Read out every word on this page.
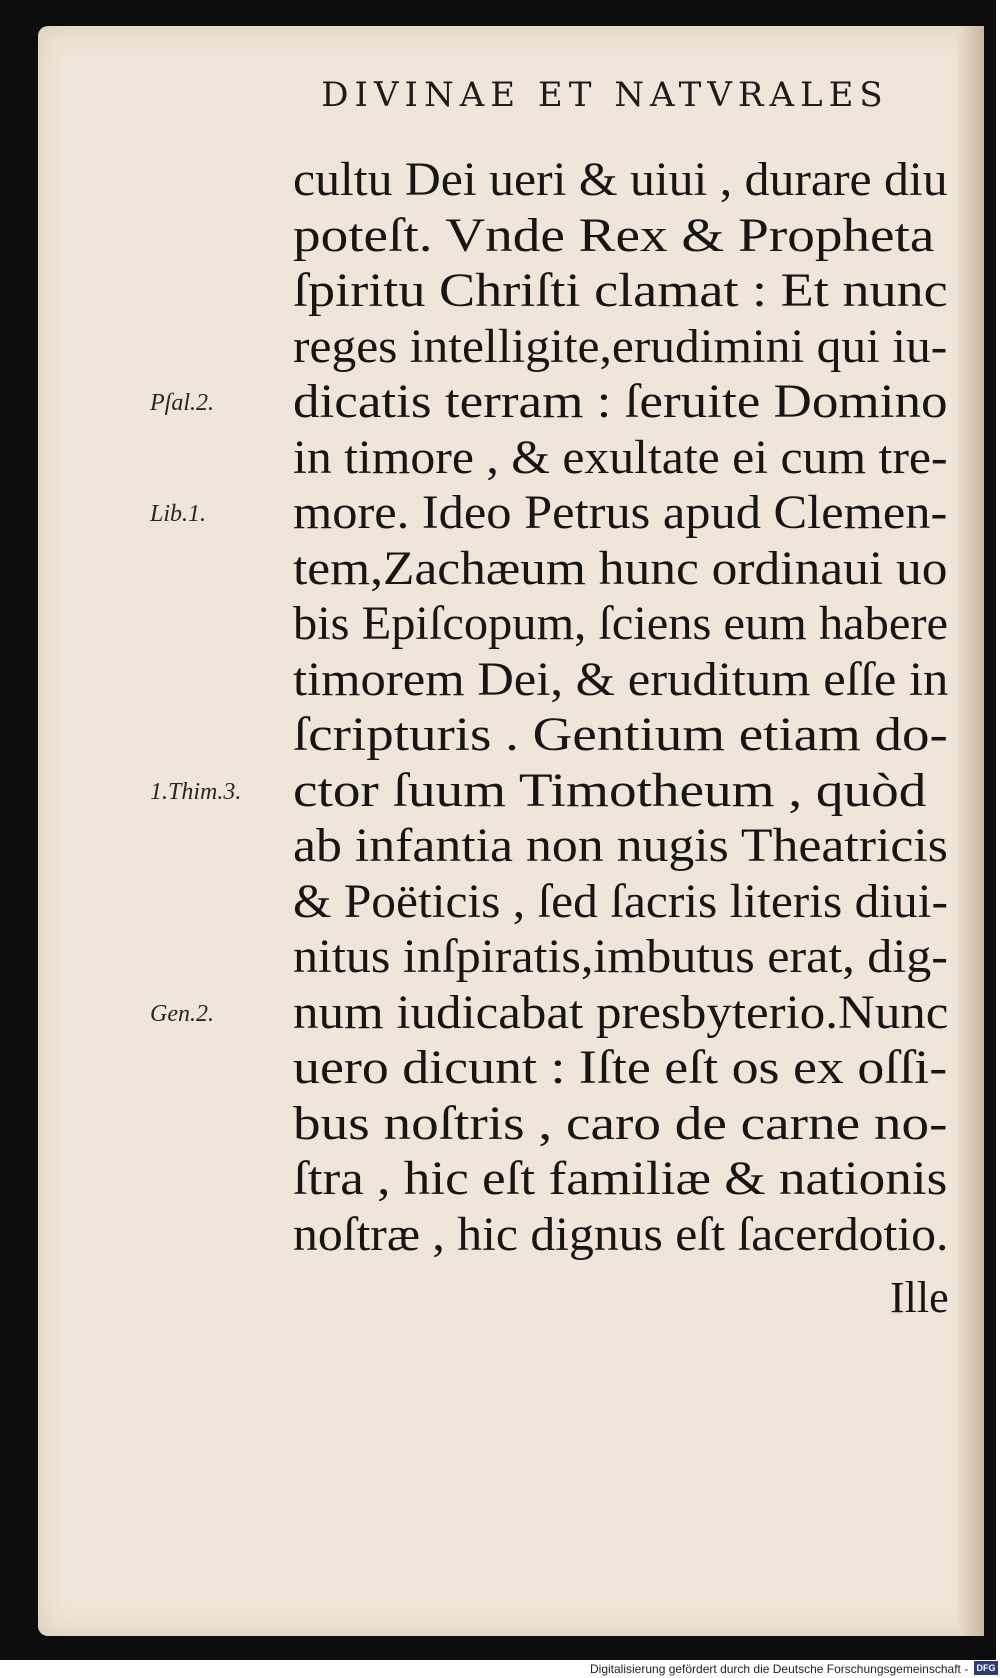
DIVINAE ET NATVRALES
cultu Dei ueri & uiui , durare diu
poteſt. Vnde Rex & Propheta
ſpiritu Chriſti clamat : Et nunc
reges intelligite,erudimini qui iu-
dicatis terram : ſeruite Domino
in timore , & exultate ei cum tre-
more. Ideo Petrus apud Clemen-
tem,Zachæum hunc ordinaui uo
bis Epiſcopum, ſciens eum habere
timorem Dei, & eruditum eſſe in
ſcripturis . Gentium etiam do-
ctor ſuum Timotheum , quòd
ab infantia non nugis Theatricis
& Poëticis , ſed ſacris literis diui-
nitus inſpiratis,imbutus erat, dig-
num iudicabat presbyterio.Nunc
uero dicunt : Iſte eſt os ex oſſi-
bus noſtris , caro de carne no-
ſtra , hic eſt familiæ & nationis
noſtræ , hic dignus eſt ſacerdotio.
Pſal.2.
Lib.1.
1.Thim.3.
Gen.2.
Ille
Digitalisierung gefördert durch die Deutsche Forschungsgemeinschaft - DFG
